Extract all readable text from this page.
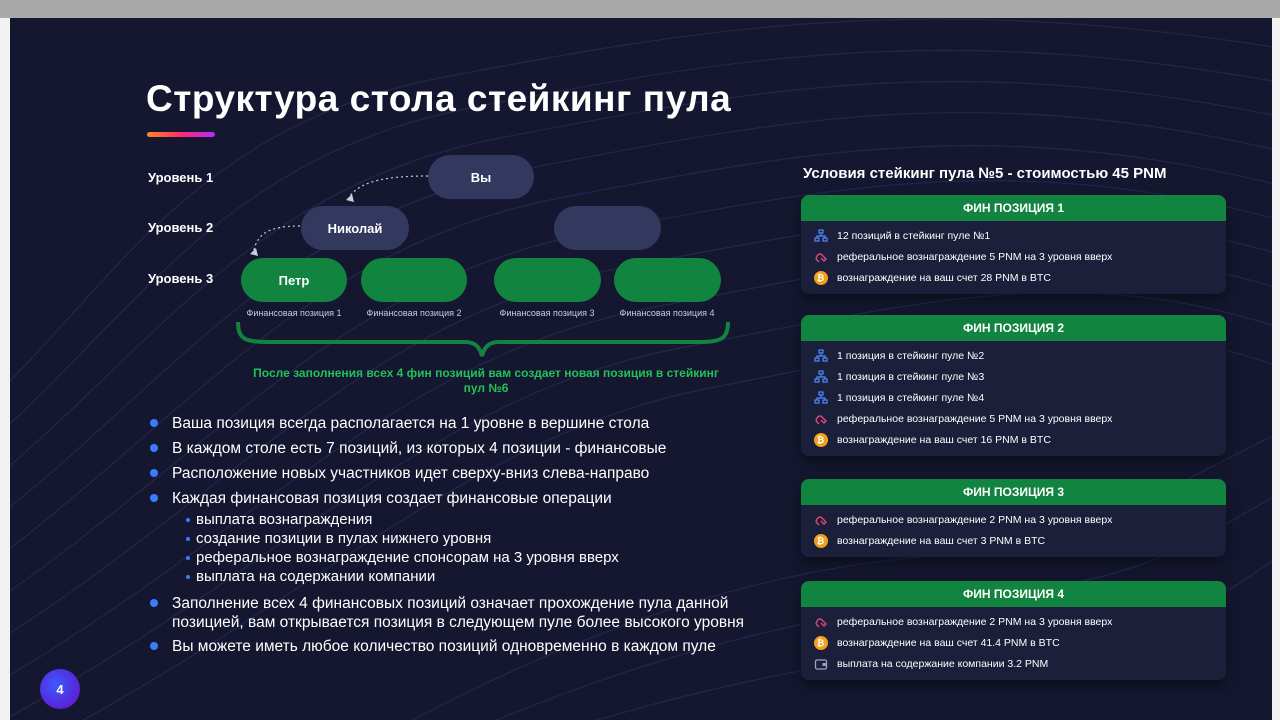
Структура стола стейкинг пула
Уровень 1
Уровень 2
Уровень 3
Вы
Николай
Петр
Финансовая позиция 1	Финансовая позиция 2	Финансовая позиция 3	Финансовая позиция 4
После заполнения всех 4 фин позиций вам создает новая позиция в стейкинг пул №6
Ваша позиция всегда располагается на 1 уровне в вершине стола
В каждом столе есть 7 позиций, из которых 4 позиции - финансовые
Расположение новых участников идет сверху-вниз слева-направо
Каждая финансовая позиция создает финансовые операции
выплата вознаграждения
создание позиции в пулах нижнего уровня
реферальное вознаграждение спонсорам на 3 уровня вверх
выплата на содержании компании
Заполнение всех 4 финансовых позиций означает прохождение пула данной позицией, вам открывается позиция в следующем пуле более высокого уровня
Вы можете иметь любое количество позиций одновременно в каждом пуле
4
Условия стейкинг пула №5 - стоимостью 45 PNM
ФИН ПОЗИЦИЯ 1
12 позиций в стейкинг пуле №1
реферальное вознаграждение 5 PNM на 3 уровня вверх
₿	вознаграждение на ваш счет 28 PNM в BTC
ФИН ПОЗИЦИЯ 2
1 позиция в стейкинг пуле №2
1 позиция в стейкинг пуле №3
1 позиция в стейкинг пуле №4
реферальное вознаграждение 5 PNM на 3 уровня вверх
₿	вознаграждение на ваш счет 16 PNM в BTC
ФИН ПОЗИЦИЯ 3
реферальное вознаграждение 2 PNM на 3 уровня вверх
₿	вознаграждение на ваш счет 3 PNM в BTC
ФИН ПОЗИЦИЯ 4
реферальное вознаграждение 2 PNM на 3 уровня вверх
₿	вознаграждение на ваш счет 41.4 PNM в BTC
выплата на содержание компании 3.2 PNM
